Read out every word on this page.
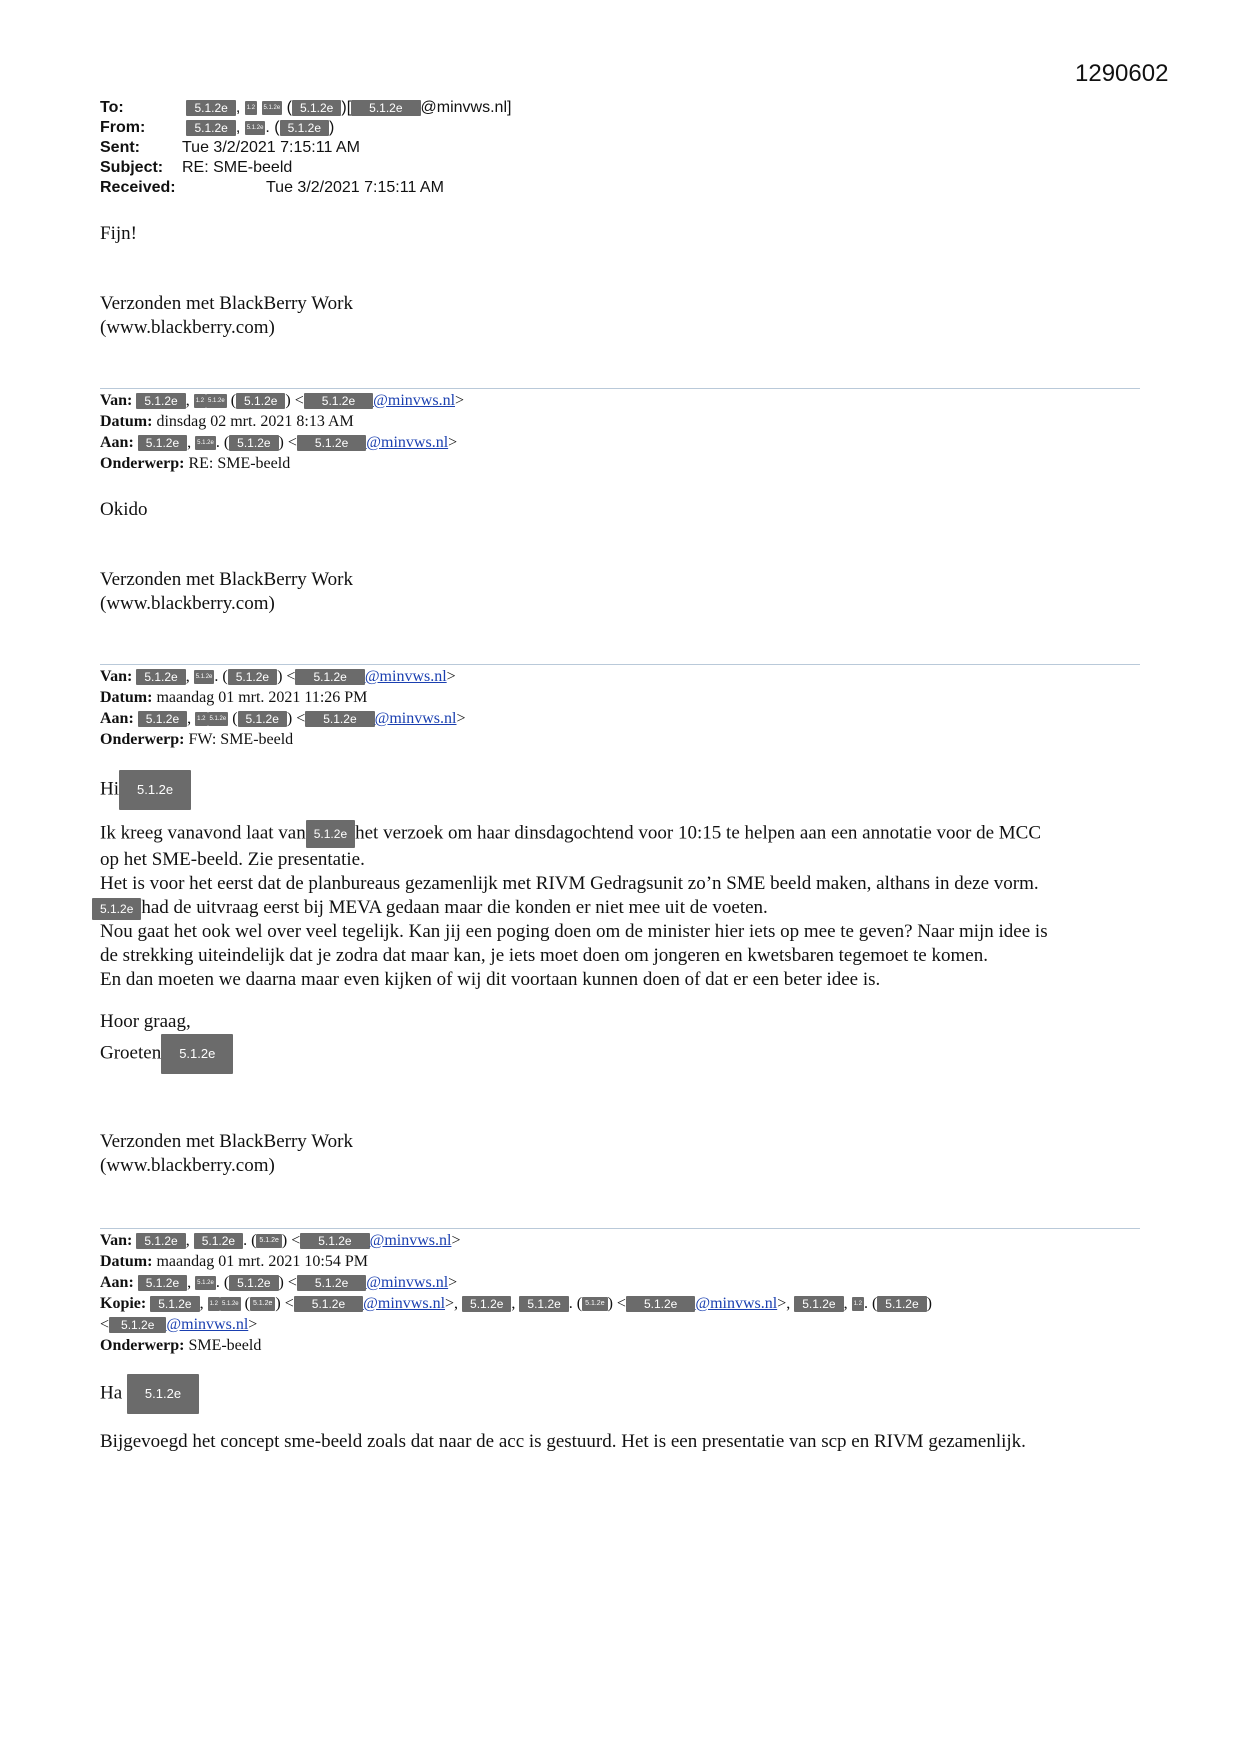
1290602
To:	5.1.2e , 1.2 5.1.2e ( 5.1.2e )[ 5.1.2e @minvws.nl]
From:	5.1.2e , 5.1.2e . ( 5.1.2e )
Sent:	Tue 3/2/2021 7:15:11 AM
Subject: RE: SME-beeld
Received:	Tue 3/2/2021 7:15:11 AM
Fijn!
Verzonden met BlackBerry Work
(www.blackberry.com)
Van: 5.1.2e , 1.2 5.1.2e ( 5.1.2e ) < 5.1.2e @minvws.nl>
Datum: dinsdag 02 mrt. 2021 8:13 AM
Aan: 5.1.2e , 5.1.2e . ( 5.1.2e ) < 5.1.2e @minvws.nl>
Onderwerp: RE: SME-beeld
Okido
Verzonden met BlackBerry Work
(www.blackberry.com)
Van: 5.1.2e , 5.1.2e . ( 5.1.2e ) < 5.1.2e @minvws.nl>
Datum: maandag 01 mrt. 2021 11:26 PM
Aan: 5.1.2e , 1.2 5.1.2e ( 5.1.2e ) < 5.1.2e @minvws.nl>
Onderwerp: FW: SME-beeld
Hi 5.1.2e

Ik kreeg vanavond laat van 5.1.2e het verzoek om haar dinsdagochtend voor 10:15 te helpen aan een annotatie voor de MCC

op het SME-beeld. Zie presentatie.

Het is voor het eerst dat de planbureaus gezamenlijk met RIVM Gedragsunit zo’n SME beeld maken, althans in deze vorm.

5.1.2e had de uitvraag eerst bij MEVA gedaan maar die konden er niet mee uit de voeten.

Nou gaat het ook wel over veel tegelijk. Kan jij een poging doen om de minister hier iets op mee te geven? Naar mijn idee is

de strekking uiteindelijk dat je zodra dat maar kan, je iets moet doen om jongeren en kwetsbaren tegemoet te komen.

En dan moeten we daarna maar even kijken of wij dit voortaan kunnen doen of dat er een beter idee is.

Hoor graag,
Groeten 5.1.2e
Verzonden met BlackBerry Work
(www.blackberry.com)
Van: 5.1.2e , 5.1.2e . ( 5.1.2e ) < 5.1.2e @minvws.nl>
Datum: maandag 01 mrt. 2021 10:54 PM
Aan: 5.1.2e , 5.1.2e . ( 5.1.2e ) < 5.1.2e @minvws.nl>
Kopie: 5.1.2e , 1.2 5.1.2e ( 5.1.2e ) < 5.1.2e @minvws.nl>, 5.1.2e , 5.1.2e . ( 5.1.2e ) < 5.1.2e @minvws.nl>, 5.1.2e , 1.2 . ( 5.1.2e )
< 5.1.2e @minvws.nl>
Onderwerp: SME-beeld
Ha 5.1.2e
Bijgevoegd het concept sme-beeld zoals dat naar de acc is gestuurd. Het is een presentatie van scp en RIVM gezamenlijk.
